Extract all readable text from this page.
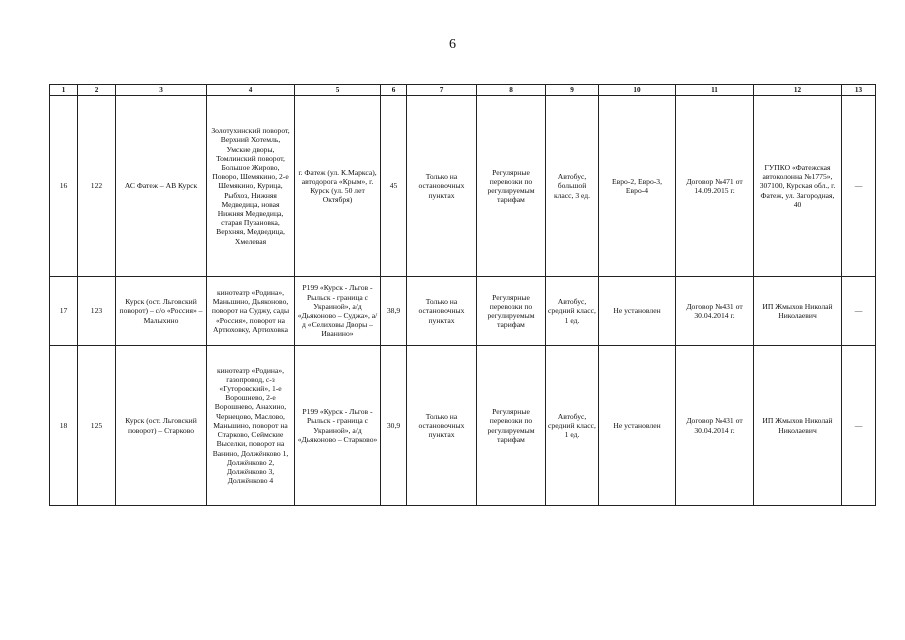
6
1	2	3	4	5	6	7	8	9	10	11	12	13
16	122	АС Фатеж – АВ Курск	Золотухинский поворот, Верхний Хотемль, Умские дворы, Томлинский поворот, Большое Жирово, Поворо, Шемякино, 2-е Шемякино, Курица, Рыбхоз, Нижняя Медведица, новая Нижняя Медведица, старая Пузановка, Верхняя, Медведица, Хмелевая	г. Фатеж (ул. К.Маркса), автодорога «Крым», г. Курск (ул. 50 лет Октября)	45	Только на остановочных пунктах	Регулярные перевозки по регулируемым тарифам	Автобус, большой класс, 3 ед.	Евро-2, Евро-3, Евро-4	Договор №471 от 14.09.2015 г.	ГУПКО «Фатежская автоколонна №1775», 307100, Курская обл., г. Фатеж, ул. Загородная, 40	—
17	123	Курск (ост. Льговский поворот) – с/о «Россия» – Малыхино	кинотеатр «Родина», Маньшино, Дьяконово, поворот на Суджу, сады «Россия», поворот на Артюховку, Артюховка	Р199 «Курск - Льгов - Рыльск - граница с Украиной», а/д «Дьяконово – Суджа», а/д «Селиховы Дворы – Иванино»	38,9	Только на остановочных пунктах	Регулярные перевозки по регулируемым тарифам	Автобус, средний класс, 1 ед.	Не установлен	Договор №431 от 30.04.2014 г.	ИП Жмыхов Николай Николаевич	—
18	125	Курск (ост. Льговский поворот) – Старково	кинотеатр «Родина», газопровод, с-з «Гуторовский», 1-е Ворошнево, 2-е Ворошнево, Анахино, Чернецово, Маслово, Маньшино, поворот на Старково, Сеймские Выселки, поворот на Ванино, Должёнково 1, Должёнково 2, Должёнково 3, Должёнково 4	Р199 «Курск - Льгов - Рыльск - граница с Украиной», а/д «Дьяконово – Старково»	30,9	Только на остановочных пунктах	Регулярные перевозки по регулируемым тарифам	Автобус, средний класс, 1 ед.	Не установлен	Договор №431 от 30.04.2014 г.	ИП Жмыхов Николай Николаевич	—
